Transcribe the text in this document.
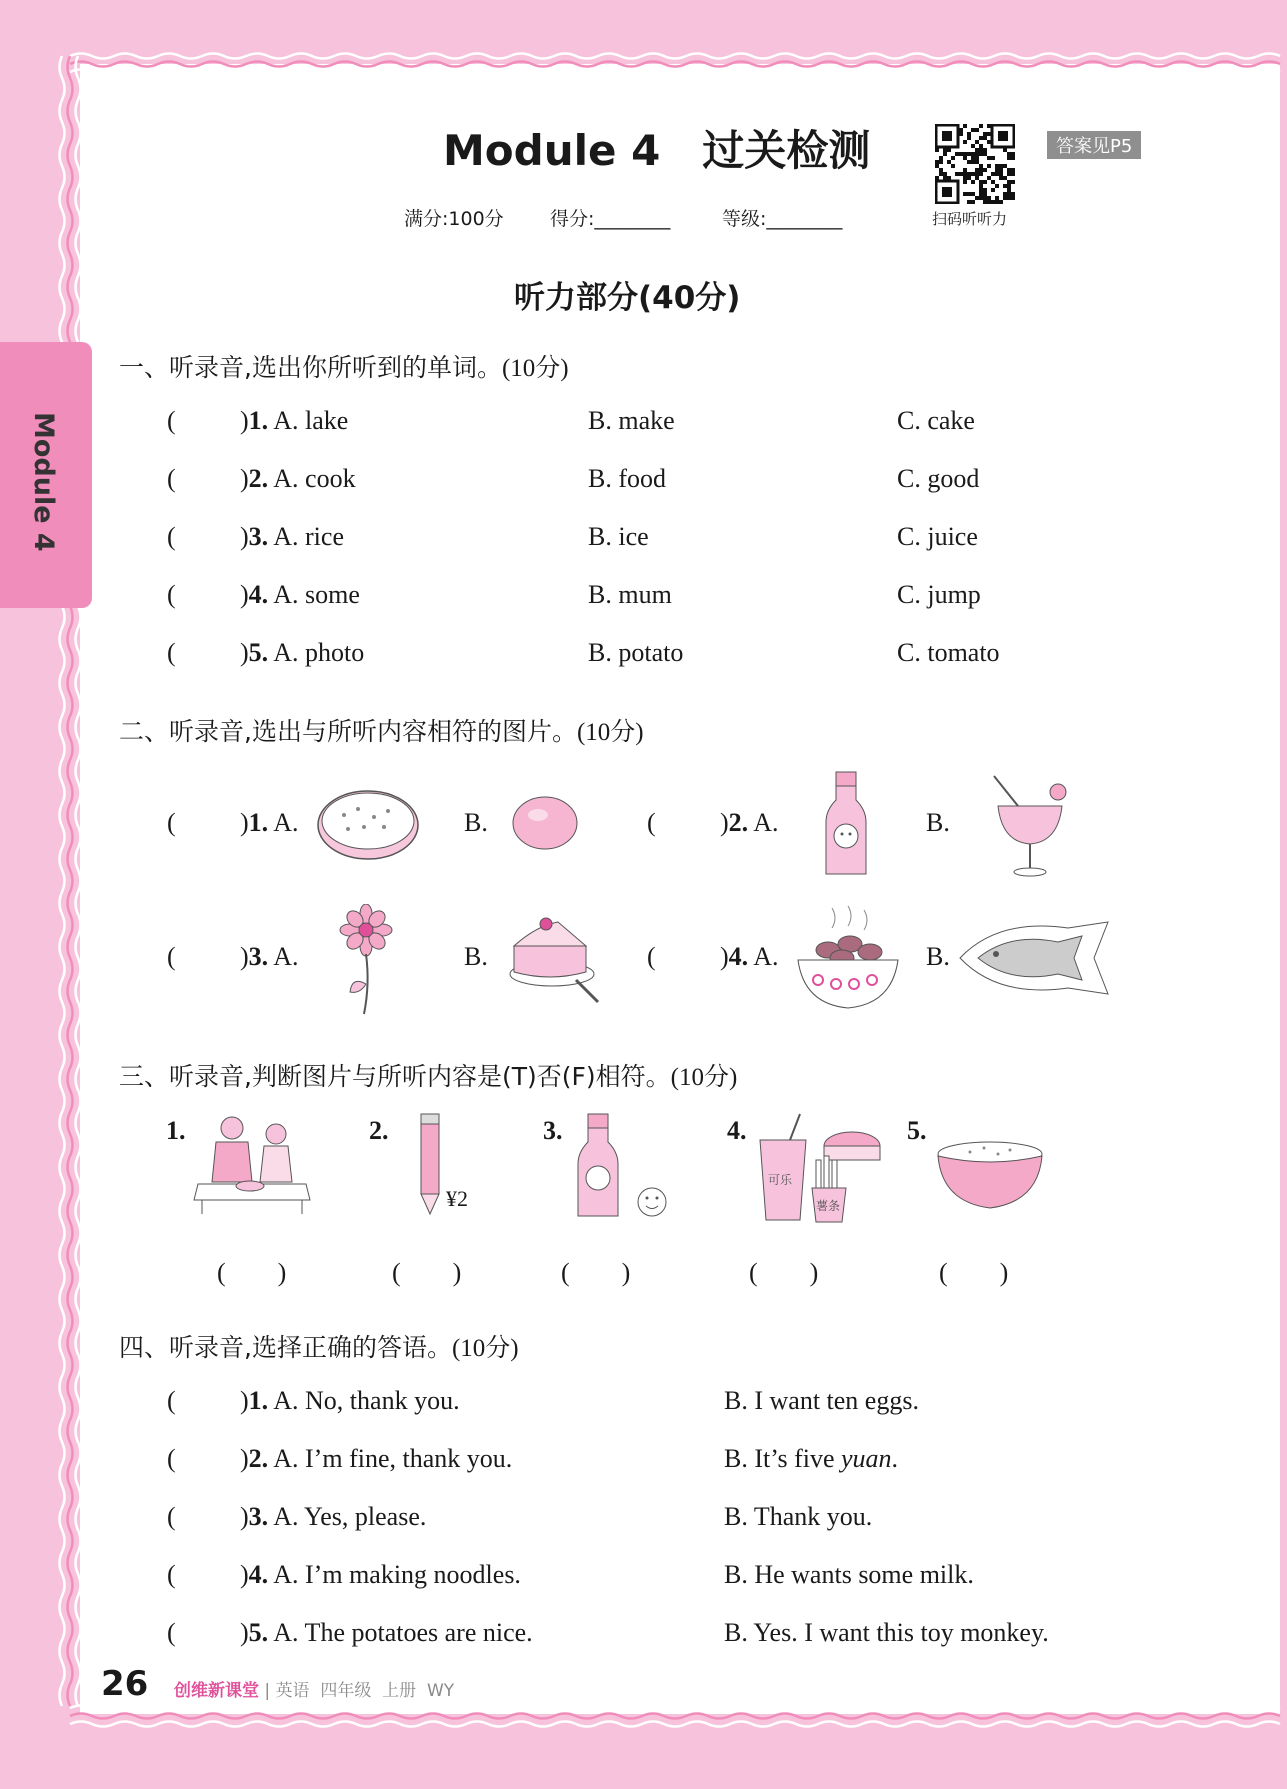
Module 4
Module 4　过关检测
扫码听听力
答案见P5
满分:100分 得分:________	等级:________
听力部分(40分)
一、听录音,选出你所听到的单词。(10分)
( )1. A. lake	B. make	C. cake
( )2. A. cook	B. food	C. good
( )3. A. rice	B. ice	C. juice
( )4. A. some	B. mum	C. jump
( )5. A. photo	B. potato	C. tomato
二、听录音,选出与所听内容相符的图片。(10分)
( )1. A.	B.	( )2. A.	B.
( )3. A.	B.	( )4. A.	B.
三、听录音,判断图片与所听内容是(T)否(F)相符。(10分)
1.	2.
¥2
3.	4.
可乐
薯条
5.
(　　)	(　　)	(　　)	(　　)	(　　)
四、听录音,选择正确的答语。(10分)
( )1. A. No, thank you.	B. I want ten eggs.
( )2. A. I’m fine, thank you.	B. It’s five yuan.
( )3. A. Yes, please.	B. Thank you.
( )4. A. I’m making noodles.	B. He wants some milk.
( )5. A. The potatoes are nice.	B. Yes. I want this toy monkey.
26 创维新课堂 | 英语 四年级 上册 WY
